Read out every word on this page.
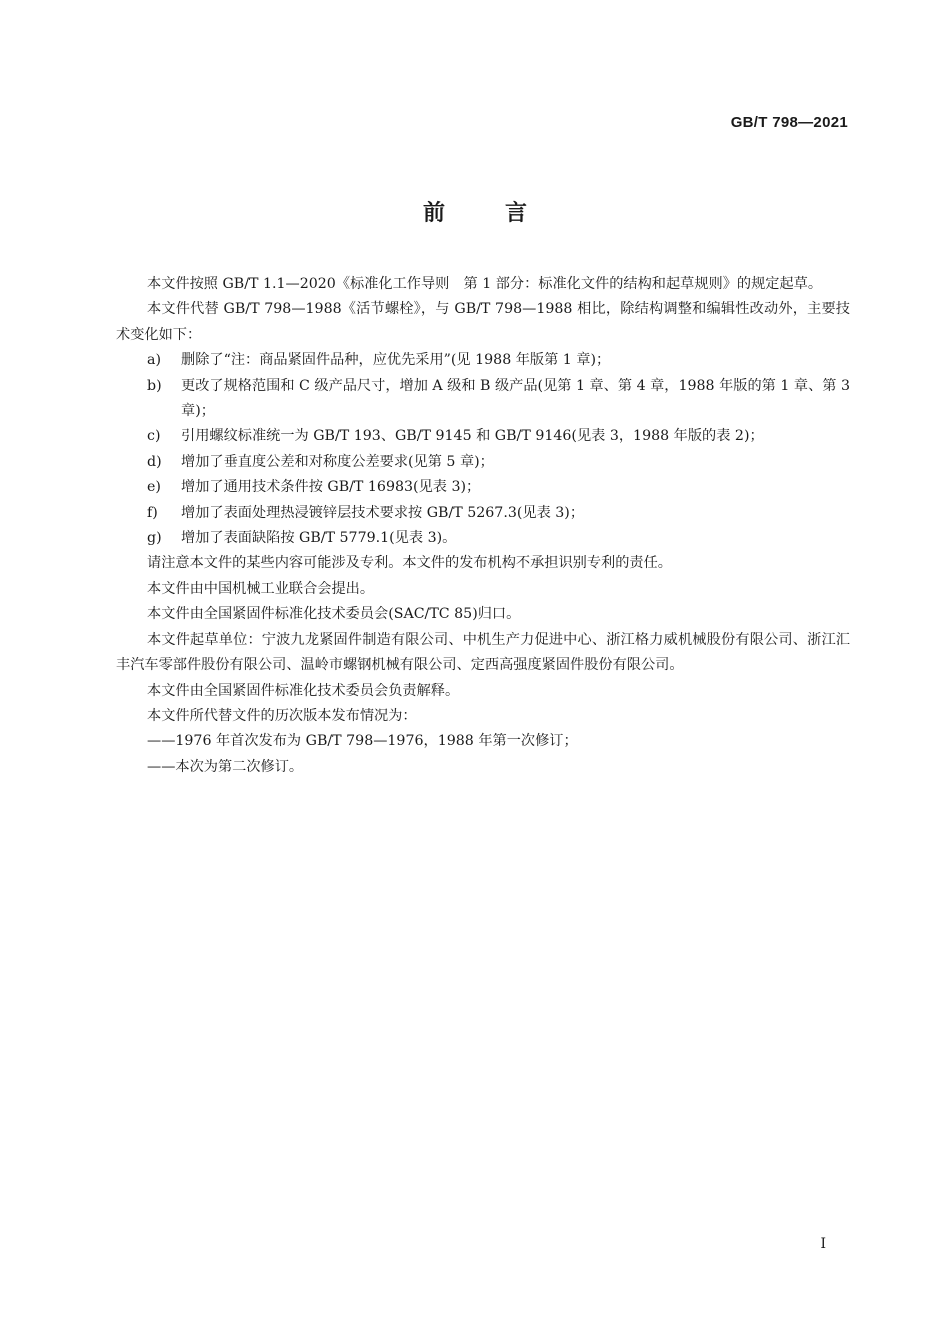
GB/T 798—2021
前言

本文件按照 GB/T 1.1—2020《标准化工作导则　第 1 部分：标准化文件的结构和起草规则》的规定起草。

本文件代替 GB/T 798—1988《活节螺栓》，与 GB/T 798—1988 相比，除结构调整和编辑性改动外，主要技术变化如下：

a)	删除了“注：商品紧固件品种，应优先采用”(见 1988 年版第 1 章)；
b)	更改了规格范围和 C 级产品尺寸，增加 A 级和 B 级产品(见第 1 章、第 4 章，1988 年版的第 1 章、第 3 章)；
c)	引用螺纹标准统一为 GB/T 193、GB/T 9145 和 GB/T 9146(见表 3，1988 年版的表 2)；
d)	增加了垂直度公差和对称度公差要求(见第 5 章)；
e)	增加了通用技术条件按 GB/T 16983(见表 3)；
f)	增加了表面处理热浸镀锌层技术要求按 GB/T 5267.3(见表 3)；
g)	增加了表面缺陷按 GB/T 5779.1(见表 3)。

请注意本文件的某些内容可能涉及专利。本文件的发布机构不承担识别专利的责任。

本文件由中国机械工业联合会提出。

本文件由全国紧固件标准化技术委员会(SAC/TC 85)归口。

本文件起草单位：宁波九龙紧固件制造有限公司、中机生产力促进中心、浙江格力威机械股份有限公司、浙江汇丰汽车零部件股份有限公司、温岭市螺钢机械有限公司、定西高强度紧固件股份有限公司。

本文件由全国紧固件标准化技术委员会负责解释。

本文件所代替文件的历次版本发布情况为：

——1976 年首次发布为 GB/T 798—1976，1988 年第一次修订；

——本次为第二次修订。

I
